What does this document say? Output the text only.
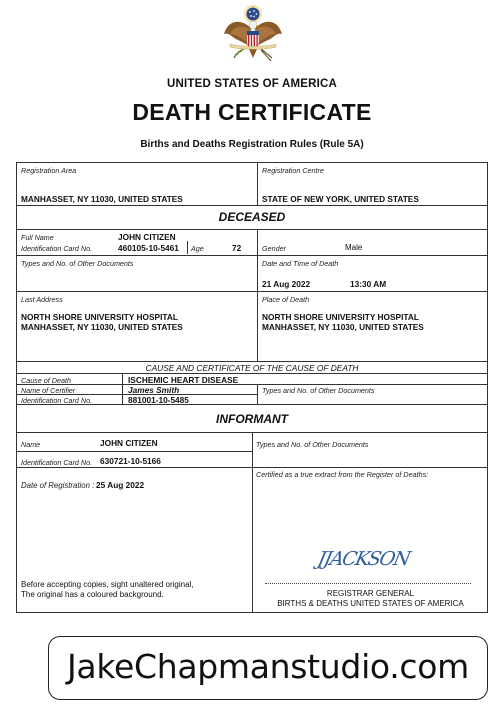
UNITED STATES OF AMERICA
DEATH CERTIFICATE
Births and Deaths Registration Rules (Rule 5A)
Registration Area
MANHASSET, NY 11030, UNITED STATES
Registration Centre
STATE OF NEW YORK, UNITED STATES
DECEASED
Full Name	JOHN CITIZEN
Identification Card No.	460105-10-5461 Age	72	Gender	Male
Types and No. of Other Documents	Date and Time of Death
21 Aug 2022	13:30 AM
Last Address
NORTH SHORE UNIVERSITY HOSPITAL
MANHASSET, NY 11030, UNITED STATES
Place of Death
NORTH SHORE UNIVERSITY HOSPITAL
MANHASSET, NY 11030, UNITED STATES
CAUSE AND CERTIFICATE OF THE CAUSE OF DEATH
Cause of Death	ISCHEMIC HEART DISEASE
Name of Certifier	James Smith	Types and No. of Other Documents
Identification Card No.	881001-10-5485
INFORMANT
Name	JOHN CITIZEN	Types and No. of Other Documents
Identification Card No. 630721-10-5166
Date of Registration : 25 Aug 2022
Certified as a true extract from the Register of Deaths:
JJACKSON
Before accepting copies, sight unaltered original,
The original has a coloured background.	REGISTRAR GENERAL
BIRTHS & DEATHS UNITED STATES OF AMERICA
JakeChapmanstudio.com
